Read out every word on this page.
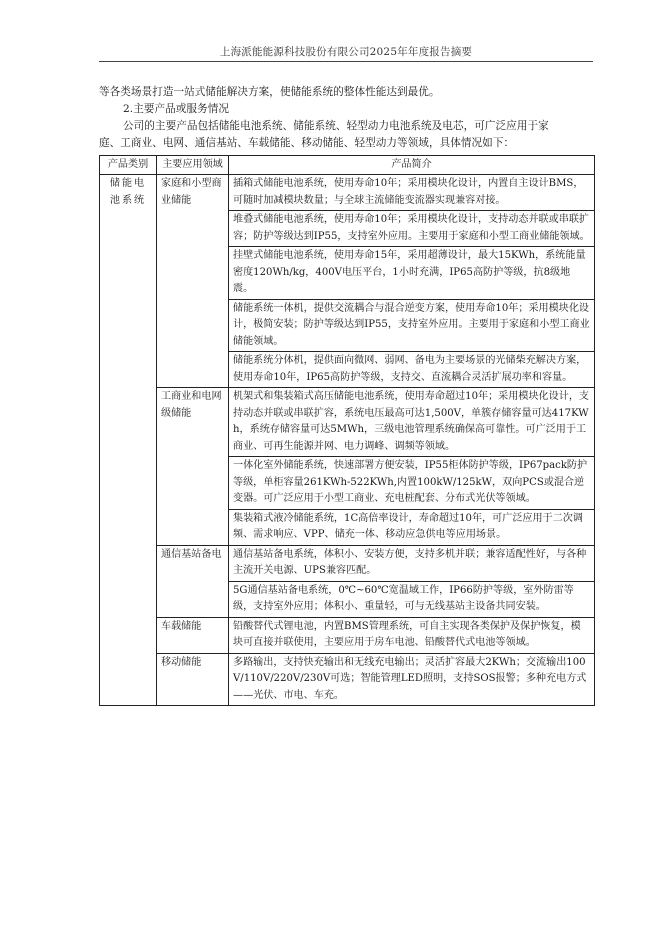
上海派能能源科技股份有限公司2025年年度报告摘要
等各类场景打造一站式储能解决方案，使储能系统的整体性能达到最优。
2.主要产品或服务情况
公司的主要产品包括储能电池系统、储能系统、轻型动力电池系统及电芯，可广泛应用于家
庭、工商业、电网、通信基站、车载储能、移动储能、轻型动力等领域，具体情况如下：
产品类别	主要应用领域	产品简介
储能电池系统	家庭和小型商业储能	插箱式储能电池系统，使用寿命10年；采用模块化设计，内置自主设计BMS，可随时加减模块数量；与全球主流储能变流器实现兼容对接。
		堆叠式储能电池系统，使用寿命10年；采用模块化设计，支持动态并联或串联扩容；防护等级达到IP55，支持室外应用。主要用于家庭和小型工商业储能领域。
		挂壁式储能电池系统，使用寿命15年，采用超薄设计，最大15KWh，系统能量密度120Wh/kg，400V电压平台，1小时充满，IP65高防护等级，抗8级地震。
		储能系统一体机，提供交流耦合与混合逆变方案，使用寿命10年；采用模块化设计，极简安装；防护等级达到IP55，支持室外应用。主要用于家庭和小型工商业储能领域。
		储能系统分体机，提供面向微网、弱网、备电为主要场景的光储柴充解决方案，使用寿命10年，IP65高防护等级，支持交、直流耦合灵活扩展功率和容量。
	工商业和电网级储能	机架式和集装箱式高压储能电池系统，使用寿命超过10年；采用模块化设计，支持动态并联或串联扩容，系统电压最高可达1,500V，单簇存储容量可达417KWh，系统存储容量可达5MWh，三级电池管理系统确保高可靠性。可广泛用于工商业、可再生能源并网、电力调峰、调频等领域。
		一体化室外储能系统，快速部署方便安装，IP55柜体防护等级，IP67pack防护等级，单柜容量261KWh-522KWh,内置100kW/125kW，双向PCS或混合逆变器。可广泛应用于小型工商业、充电桩配套、分布式光伏等领域。
		集装箱式液冷储能系统，1C高倍率设计，寿命超过10年，可广泛应用于二次调频、需求响应、VPP、储充一体、移动应急供电等应用场景。
	通信基站备电	通信基站备电系统，体积小、安装方便，支持多机并联；兼容适配性好，与各种主流开关电源、UPS兼容匹配。
		5G通信基站备电系统，0℃~60℃宽温域工作，IP66防护等级，室外防雷等级，支持室外应用；体积小、重量轻，可与无线基站主设备共同安装。
	车载储能	铅酸替代式锂电池，内置BMS管理系统，可自主实现各类保护及保护恢复，模块可直接并联使用，主要应用于房车电池、铅酸替代式电池等领域。
	移动储能	多路输出，支持快充输出和无线充电输出；灵活扩容最大2KWh；交流输出100V/110V/220V/230V可选；智能管理LED照明，支持SOS报警；多种充电方式——光伏、市电、车充。
